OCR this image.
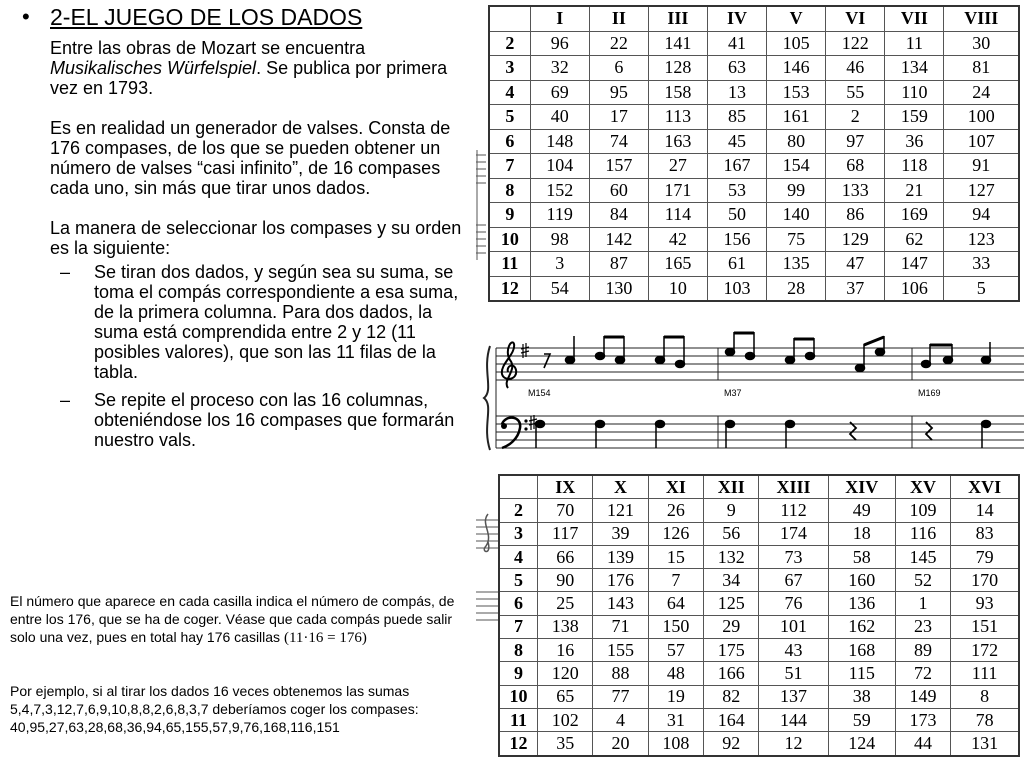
• 2-EL JUEGO DE LOS DADOS
Entre las obras de Mozart se encuentra Musikalisches Würfelspiel. Se publica por primera vez en 1793.
Es en realidad un generador de valses. Consta de 176 compases, de los que se pueden obtener un número de valses “casi infinito”, de 16 compases cada uno, sin más que tirar unos dados.
La manera de seleccionar los compases y su orden es la siguiente:
–	Se tiran dos dados, y según sea su suma, se toma el compás correspondiente a esa suma, de la primera columna. Para dos dados, la suma está comprendida entre 2 y 12 (11 posibles valores), que son las 11 filas de la tabla.
–	Se repite el proceso con las 16 columnas, obteniéndose los 16 compases que formarán nuestro vals.
El número que aparece en cada casilla indica el número de compás, de entre los 176, que se ha de coger. Véase que cada compás puede salir solo una vez, pues en total hay 176 casillas (11·16 = 176)
Por ejemplo, si al tirar los dados 16 veces obtenemos las sumas 5,4,7,3,12,7,6,9,10,8,8,2,6,8,3,7 deberíamos coger los compases: 40,95,27,63,28,68,36,94,65,155,57,9,76,168,116,151
	I	II	III	IV	V	VI	VII	VIII
2	96	22	141	41	105	122	11	30
3	32	6	128	63	146	46	134	81
4	69	95	158	13	153	55	110	24
5	40	17	113	85	161	2	159	100
6	148	74	163	45	80	97	36	107
7	104	157	27	167	154	68	118	91
8	152	60	171	53	99	133	21	127
9	119	84	114	50	140	86	169	94
10	98	142	42	156	75	129	62	123
11	3	87	165	61	135	47	147	33
12	54	130	10	103	28	37	106	5
M154	M37	M169
	IX	X	XI	XII	XIII	XIV	XV	XVI
2	70	121	26	9	112	49	109	14
3	117	39	126	56	174	18	116	83
4	66	139	15	132	73	58	145	79
5	90	176	7	34	67	160	52	170
6	25	143	64	125	76	136	1	93
7	138	71	150	29	101	162	23	151
8	16	155	57	175	43	168	89	172
9	120	88	48	166	51	115	72	111
10	65	77	19	82	137	38	149	8
11	102	4	31	164	144	59	173	78
12	35	20	108	92	12	124	44	131
